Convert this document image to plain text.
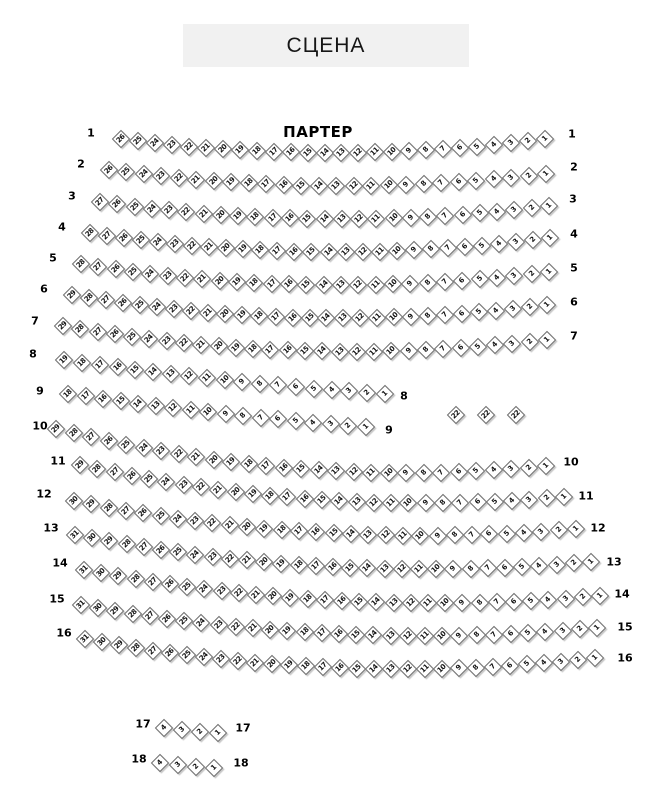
СЦЕНА
ПАРТЕР
1	1
26 25 24 23 22 21 20 19 18 17 16 15 14 13 12 11 10 9 8 7 6 5 4 3 2 1
2	2
26 25 24 23 22 21 20 19 18 17 16 15 14 13 12 11 10 9 8 7 6 5 4 3 2 1
3	3
27 26 25 24 23 22 21 20 19 18 17 16 15 14 13 12 11 10 9 8 7 6 5 4 3 2 1
4
4
28 27 26 25 24 23 22 21 20 19 18 17 16 15 14 13 12 11 10 9 8 7 6 5 4 3 2 1
5
5
28 27 26 25 24 23 22 21 20 19 18 17 16 15 14 13 12 11 10 9 8 7 6 5 4 3 2 1
6
6
29 28 27 26 25 24 23 22 21 20 19 18 17 16 15 14 13 12 11 10 9 8 7 6 5 4 3 2 1
7
7
29 28 27 26 25 24 23 22 21 20 19 18 17 16 15 14 13 12 11 10 9 8 7 6 5 4 3 2 1
8
8
19 18 17 16 15 14 13 12 11 10 9 8 7 6 5 4 3 2 1
9
9
18 17 16 15 14 13 12 11 10 9 8 7 6 5 4 3 2 1
10
10
29 28 27 26 25 24 23 22 21 20 19 18 17 16 15 14 13 12 11 10 9 8 7 6 5 4 3 2 1
11
11
29 28 27 26 25 24 23 22 21 20 19 18 17 16 15 14 13 12 11 10 9 8 7 6 5 4 3 2 1
12
12
30 29 28 27 26 25 24 23 22 21 20 19 18 17 16 15 14 13 12 11 10 9 8 7 6 5 4 3 2 1
13
13
31 30 29 28 27 26 25 24 23 22 21 20 19 18 17 16 15 14 13 12 11 10 9 8 7 6 5 4 3 2 1
14
14
31 30 29 28 27 26 25 24 23 22 21 20 19 18 17 16 15 14 13 12 11 10 9 8 7 6 5 4 3 2 1
15
15
31 30 29 28 27 26 25 24 23 22 21 20 19 18 17 16 15 14 13 12 11 10 9 8 7 6 5 4 3 2 1
16
16
31 30 29 28 27 26 25 24 23 22 21 20 19 18 17 16 15 14 13 12 11 10 9 8 7 6 5 4 3 2 1
17	17
4 3 2 1
18	18
4 3 2 1
22	22	22
